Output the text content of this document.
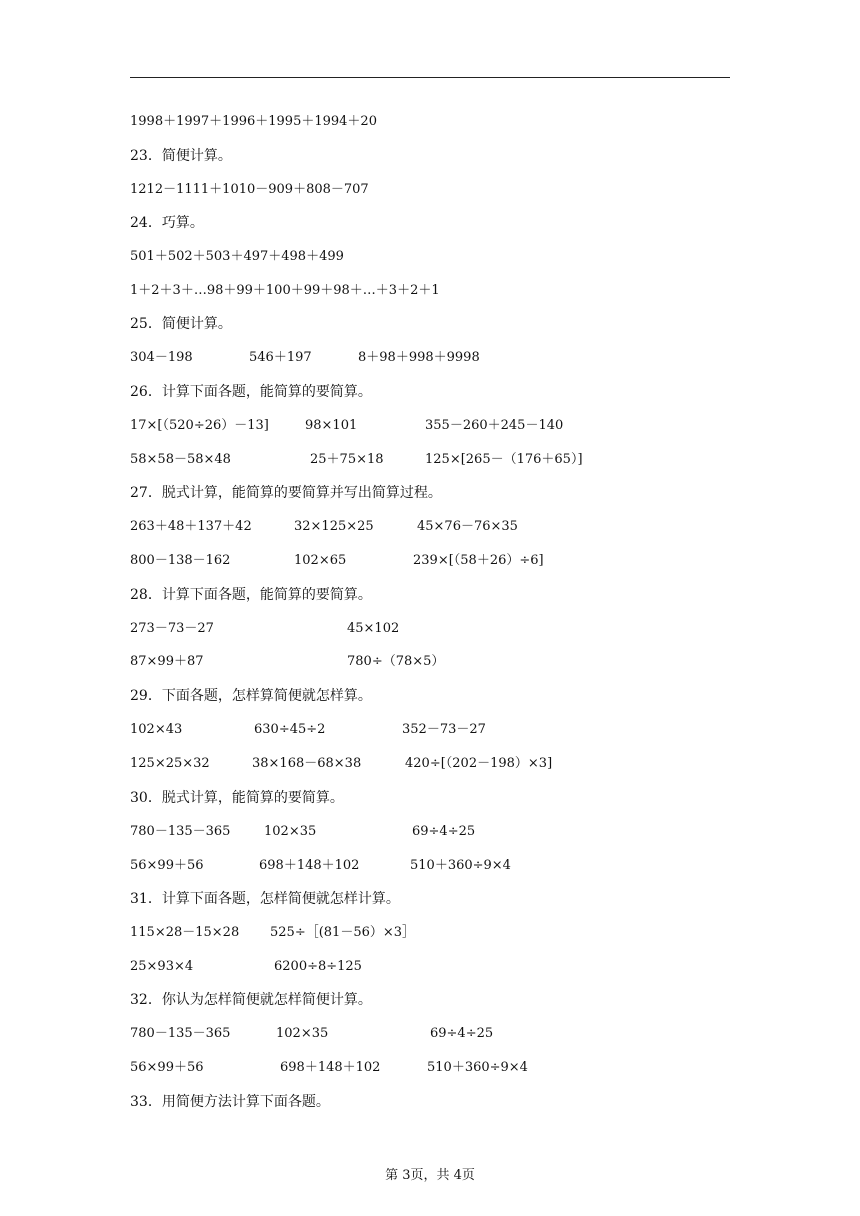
1998＋1997＋1996＋1995＋1994＋20
23．简便计算。
1212－1111＋1010－909＋808－707
24．巧算。
501＋502＋503＋497＋498＋499
1＋2＋3＋…98＋99＋100＋99＋98＋…＋3＋2＋1
25．简便计算。
304－198	546＋197	8＋98＋998＋9998
26．计算下面各题，能简算的要简算。
17×[（520÷26）－13]	98×101	355－260＋245－140
58×58－58×48	25＋75×18	125×[265－（176＋65）]
27．脱式计算，能简算的要简算并写出简算过程。
263＋48＋137＋42	32×125×25	45×76－76×35
800－138－162	102×65	239×[（58＋26）÷6]
28．计算下面各题，能简算的要简算。
273－73－27	45×102
87×99＋87	780÷（78×5）
29．下面各题，怎样算简便就怎样算。
102×43	630÷45÷2	352－73－27
125×25×32	38×168－68×38	420÷[（202－198）×3]
30．脱式计算，能简算的要简算。
780－135－365	102×35	69÷4÷25
56×99＋56	698＋148＋102	510＋360÷9×4
31．计算下面各题，怎样简便就怎样计算。
115×28－15×28 525÷［(81－56）×3］
25×93×4	6200÷8÷125
32．你认为怎样简便就怎样简便计算。
780－135－365	102×35	69÷4÷25
56×99＋56	698＋148＋102	510＋360÷9×4
33．用简便方法计算下面各题。
第 3页，共 4页
